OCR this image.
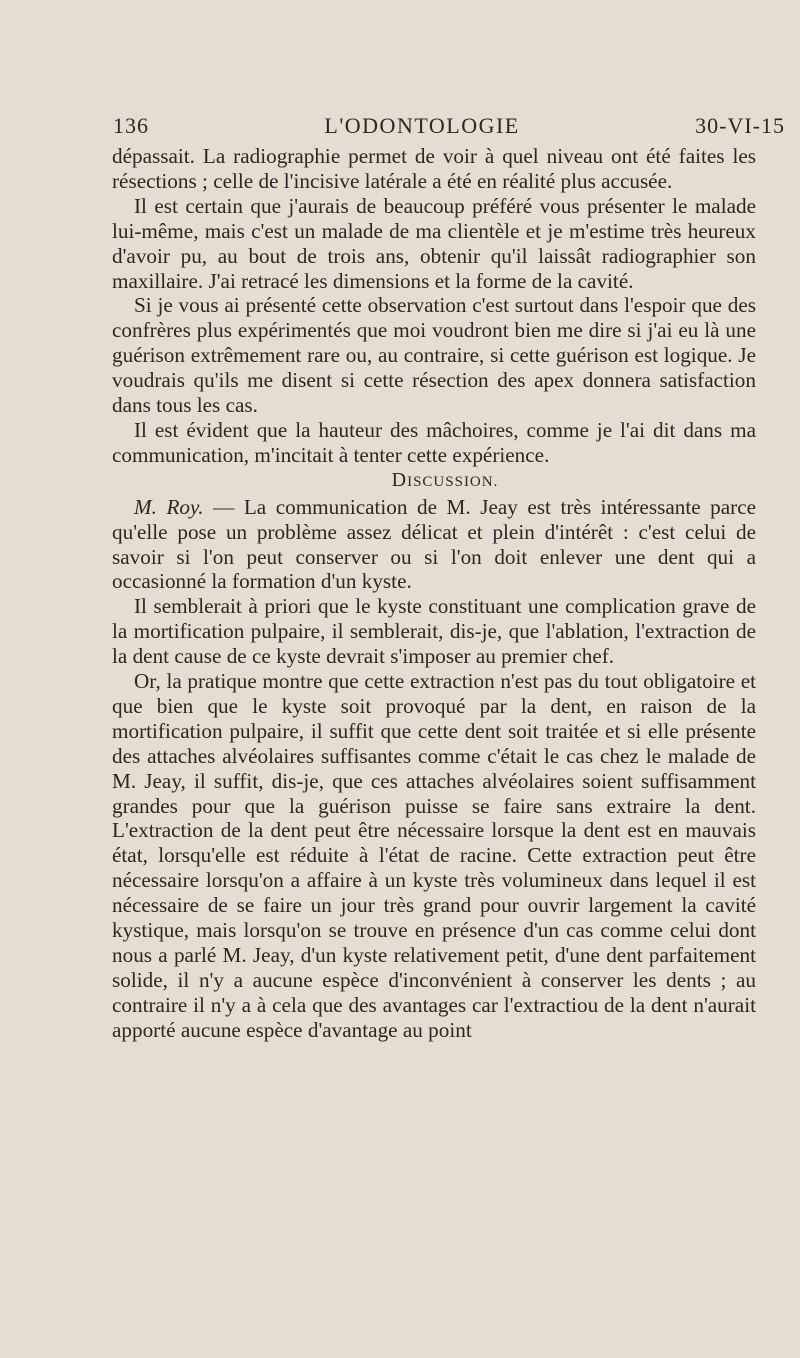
136	L'ODONTOLOGIE	30-VI-15

dépassait. La radiographie permet de voir à quel niveau ont été faites les résections ; celle de l'incisive latérale a été en réalité plus accusée.

Il est certain que j'aurais de beaucoup préféré vous présenter le malade lui-même, mais c'est un malade de ma clientèle et je m'estime très heureux d'avoir pu, au bout de trois ans, obtenir qu'il laissât radiographier son maxillaire. J'ai retracé les dimensions et la forme de la cavité.

Si je vous ai présenté cette observation c'est surtout dans l'espoir que des confrères plus expérimentés que moi voudront bien me dire si j'ai eu là une guérison extrêmement rare ou, au contraire, si cette guérison est logique. Je voudrais qu'ils me disent si cette résection des apex donnera satisfaction dans tous les cas.

Il est évident que la hauteur des mâchoires, comme je l'ai dit dans ma communication, m'incitait à tenter cette expérience.

DISCUSSION.

M. Roy. — La communication de M. Jeay est très intéressante parce qu'elle pose un problème assez délicat et plein d'intérêt : c'est celui de savoir si l'on peut conserver ou si l'on doit enlever une dent qui a occasionné la formation d'un kyste.

Il semblerait à priori que le kyste constituant une complication grave de la mortification pulpaire, il semblerait, dis-je, que l'ablation, l'extraction de la dent cause de ce kyste devrait s'imposer au premier chef.

Or, la pratique montre que cette extraction n'est pas du tout obligatoire et que bien que le kyste soit provoqué par la dent, en raison de la mortification pulpaire, il suffit que cette dent soit traitée et si elle présente des attaches alvéolaires suffisantes comme c'était le cas chez le malade de M. Jeay, il suffit, dis-je, que ces attaches alvéolaires soient suffisamment grandes pour que la guérison puisse se faire sans extraire la dent. L'extraction de la dent peut être nécessaire lorsque la dent est en mauvais état, lorsqu'elle est réduite à l'état de racine. Cette extraction peut être nécessaire lorsqu'on a affaire à un kyste très volumineux dans lequel il est nécessaire de se faire un jour très grand pour ouvrir largement la cavité kystique, mais lorsqu'on se trouve en présence d'un cas comme celui dont nous a parlé M. Jeay, d'un kyste relativement petit, d'une dent parfaitement solide, il n'y a aucune espèce d'inconvénient à conserver les dents ; au contraire il n'y a à cela que des avantages car l'extractiou de la dent n'aurait apporté aucune espèce d'avantage au point
